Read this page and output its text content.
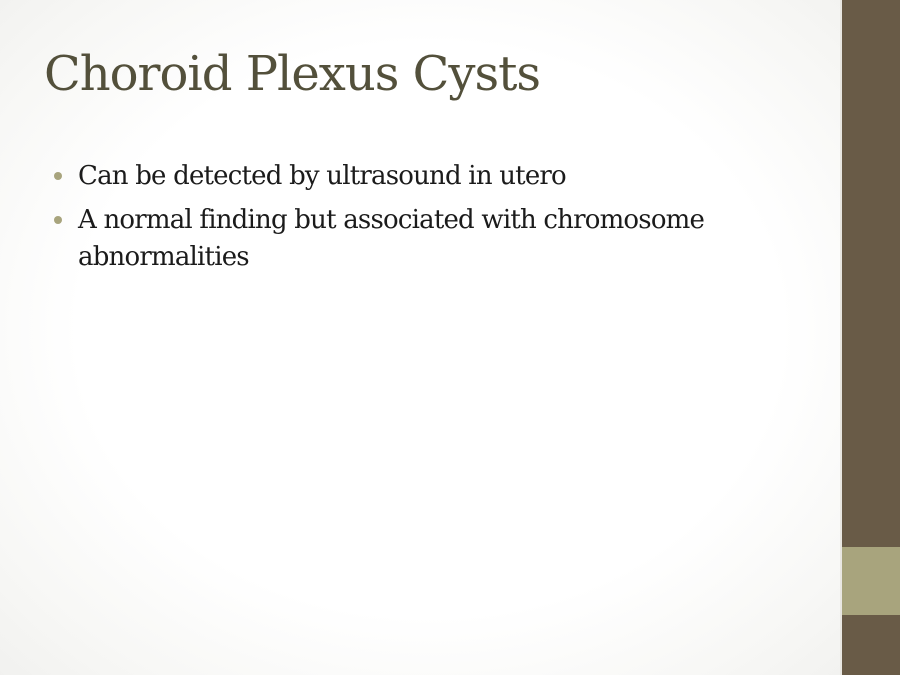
Choroid Plexus Cysts
Can be detected by ultrasound in utero
A normal finding but associated with chromosome abnormalities
